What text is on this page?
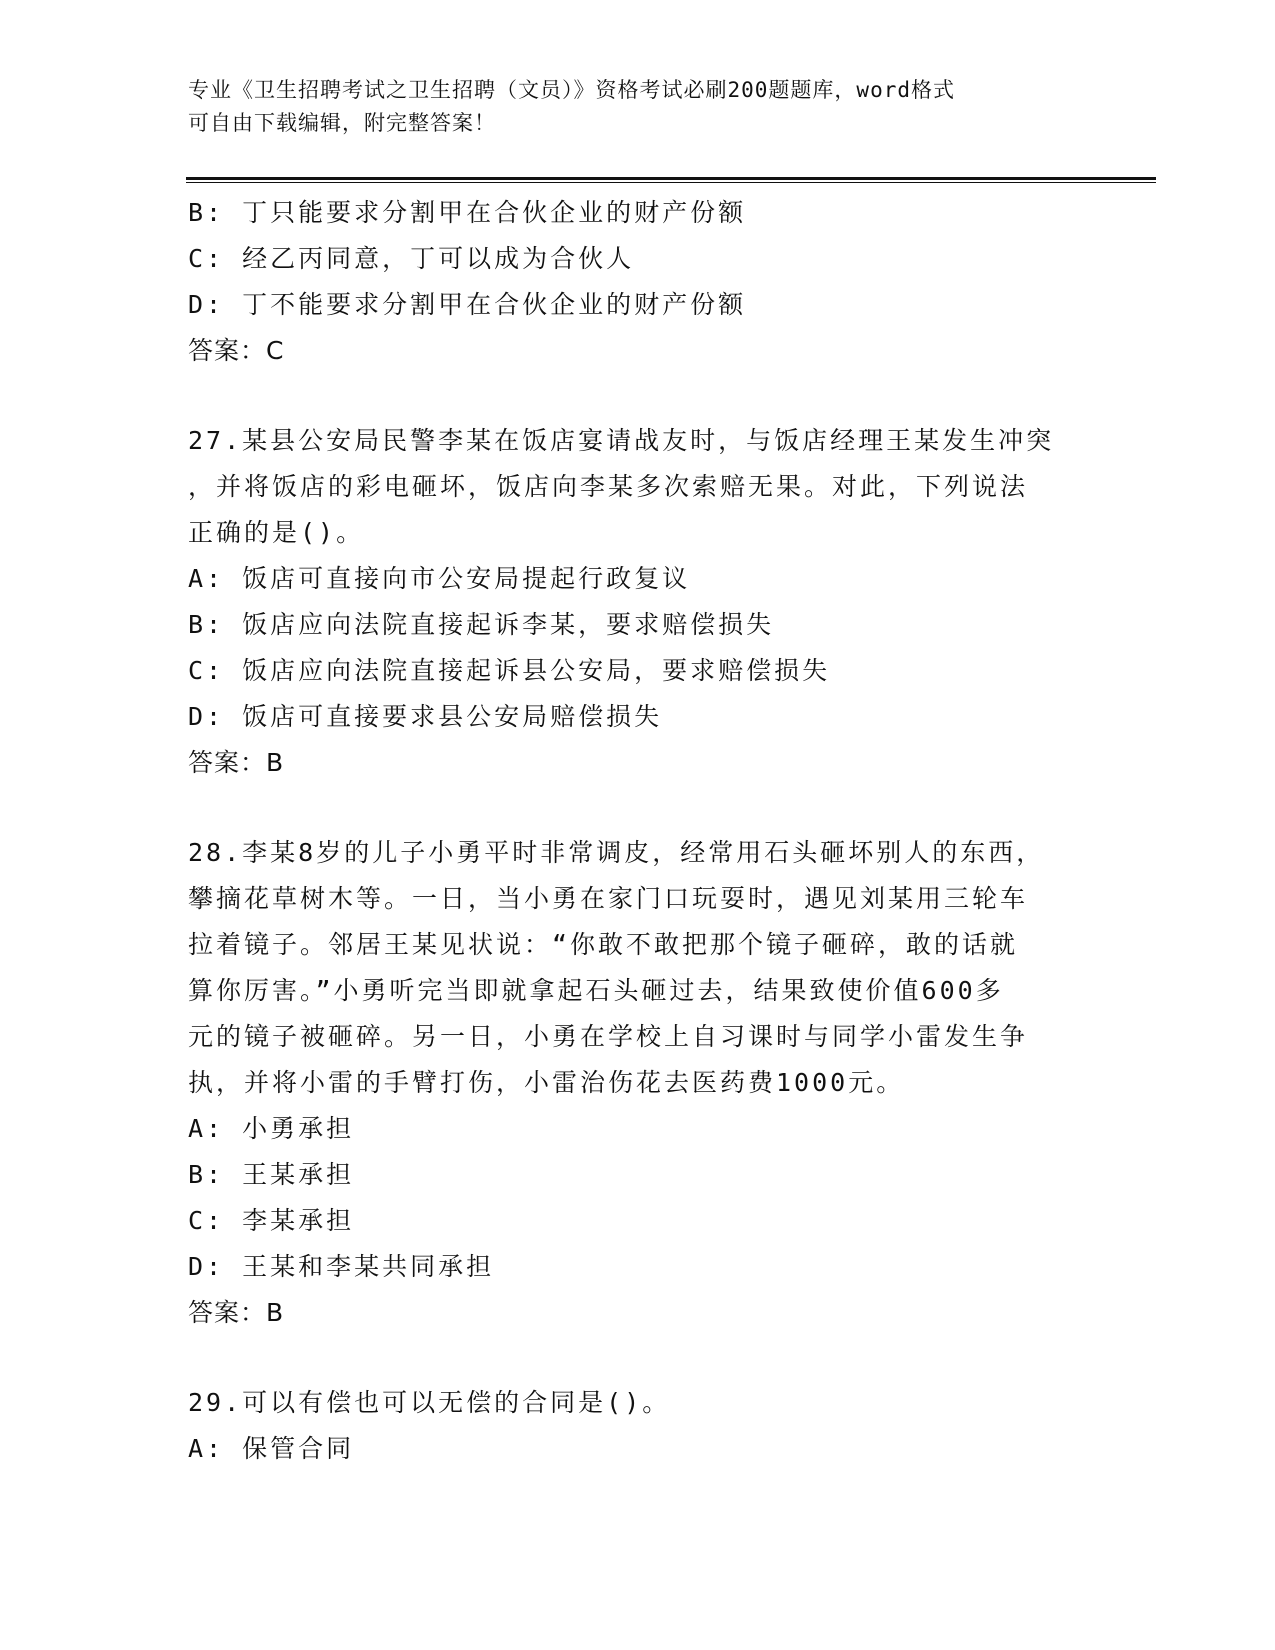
专业《卫生招聘考试之卫生招聘（文员）》资格考试必刷200题题库，word格式
可自由下载编辑，附完整答案！
B: 丁只能要求分割甲在合伙企业的财产份额
C: 经乙丙同意，丁可以成为合伙人
D: 丁不能要求分割甲在合伙企业的财产份额
答案：C
27.某县公安局民警李某在饭店宴请战友时，与饭店经理王某发生冲突
，并将饭店的彩电砸坏，饭店向李某多次索赔无果。对此，下列说法
正确的是()。
A: 饭店可直接向市公安局提起行政复议
B: 饭店应向法院直接起诉李某，要求赔偿损失
C: 饭店应向法院直接起诉县公安局，要求赔偿损失
D: 饭店可直接要求县公安局赔偿损失
答案：B
28.李某8岁的儿子小勇平时非常调皮，经常用石头砸坏别人的东西，
攀摘花草树木等。一日，当小勇在家门口玩耍时，遇见刘某用三轮车
拉着镜子。邻居王某见状说：“你敢不敢把那个镜子砸碎，敢的话就
算你厉害。”小勇听完当即就拿起石头砸过去，结果致使价值600多
元的镜子被砸碎。另一日，小勇在学校上自习课时与同学小雷发生争
执，并将小雷的手臂打伤，小雷治伤花去医药费1000元。
A: 小勇承担
B: 王某承担
C: 李某承担
D: 王某和李某共同承担
答案：B
29.可以有偿也可以无偿的合同是()。
A: 保管合同
